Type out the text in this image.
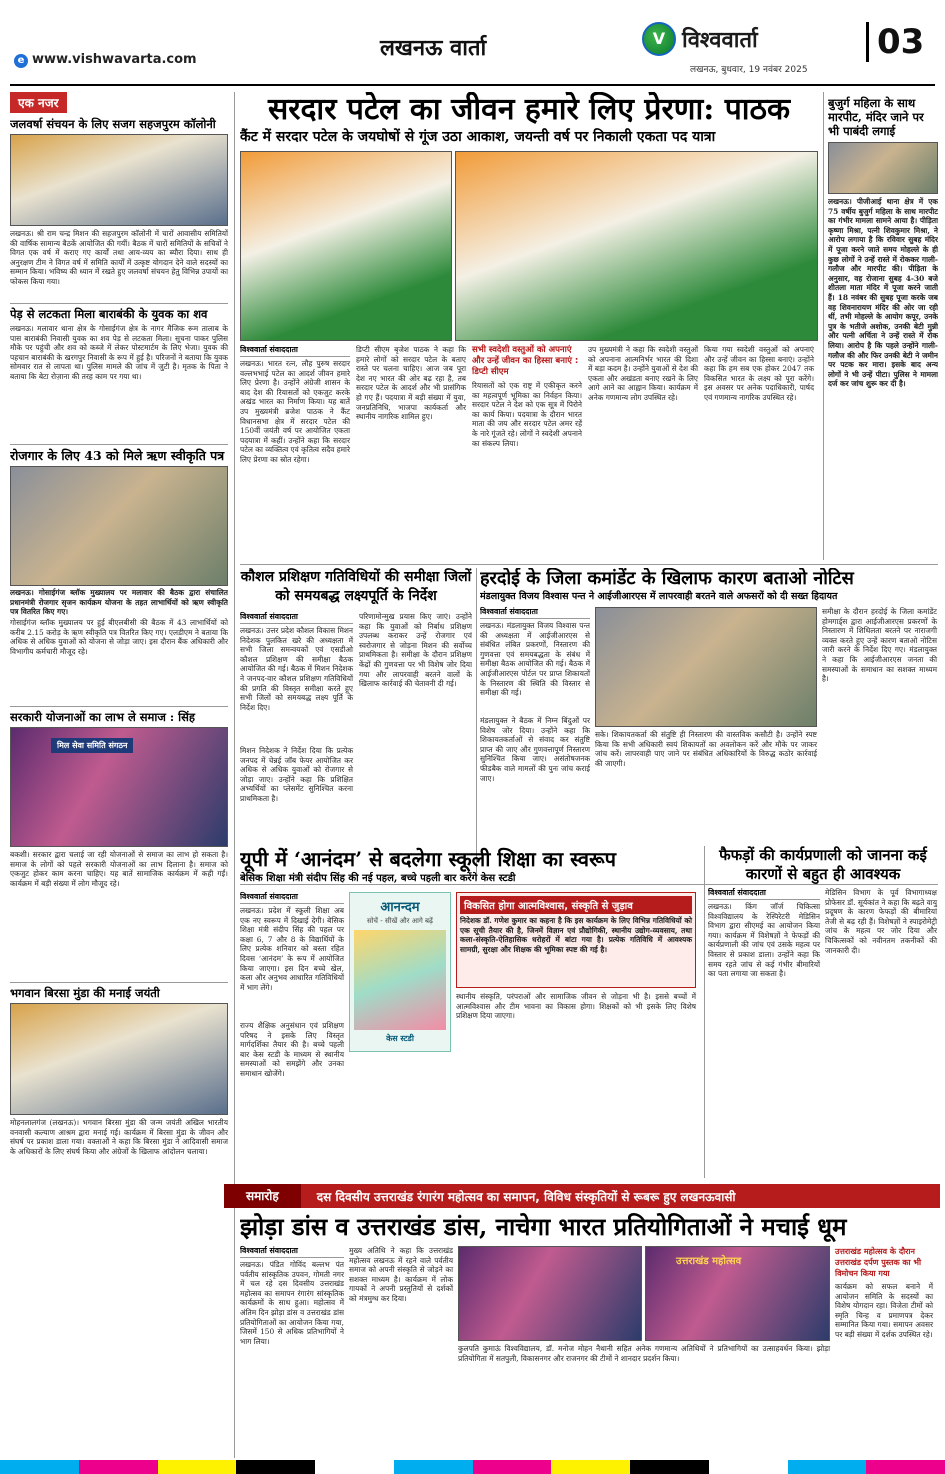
e www.vishwavarta.com	लखनऊ वार्ता	V विश्ववार्ता
लखनऊ, बुधवार, 19 नवंबर 2025
03
एक नजर
जलवर्षा संचयन के लिए सजग सहजपुरम कॉलोनी
लखनऊ। श्री राम चन्द्र मिशन की सहजपुरम कॉलोनी में चारों आवासीय समितियों की वार्षिक सामान्य बैठकें आयोजित की गयीं। बैठक में चारों समितियों के सचिवों ने विगत एक वर्ष में कराए गए कार्यों तथा आय-व्यय का ब्यौरा दिया। साथ ही अनुरक्षण टीम ने विगत वर्ष में समिति कार्यों में उत्कृष्ट योगदान देने वाले सदस्यों का सम्मान किया। भविष्य की ध्यान में रखते हुए जलवर्षा संचयन हेतु विभिन्न उपायों का फोकस किया गया।
पेड़ से लटकता मिला बाराबंकी के युवक का शव
लखनऊ। मलावार थाना क्षेत्र के गोसाईगंज क्षेत्र के नागर मैजिक रूम तालाब के पास बाराबंकी निवासी युवक का शव पेड़ से लटकता मिला। सूचना पाकर पुलिस मौके पर पहुंची और शव को कब्जे में लेकर पोस्टमार्टम के लिए भेजा। युवक की पहचान बाराबंकी के खरगपुर निवासी के रूप में हुई है। परिजनों ने बताया कि युवक सोमवार रात से लापता था। पुलिस मामले की जांच में जुटी है। मृतक के पिता ने बताया कि बेटा रोज़ाना की तरह काम पर गया था।
रोजगार के लिए 43 को मिले ऋण स्वीकृति पत्र
लखनऊ। गोसाईगंज ब्लॉक मुख्यालय पर मलावार की बैठक द्वारा संचालित प्रधानमंत्री रोजगार सृजन कार्यक्रम योजना के तहत लाभार्थियों को ऋण स्वीकृति पत्र वितरित किए गए।
गोसाईगंज ब्लॉक मुख्यालय पर हुई बीएलबीसी की बैठक में 43 लाभार्थियों को करीब 2.15 करोड़ के ऋण स्वीकृति पत्र वितरित किए गए। एलडीएम ने बताया कि अधिक से अधिक युवाओं को योजना से जोड़ा जाए। इस दौरान बैंक अधिकारी और विभागीय कर्मचारी मौजूद रहे।
सरकारी योजनाओं का लाभ ले समाज : सिंह
मिल सेवा समिति संगठन
बकशी। सरकार द्वारा चलाई जा रही योजनाओं से समाज का लाभ हो सकता है। समाज के लोगों को पहले सरकारी योजनाओं का लाभ दिलाना है। समाज को एकजुट होकर काम करना चाहिए। यह बातें सामाजिक कार्यक्रम में कही गईं। कार्यक्रम में बड़ी संख्या में लोग मौजूद रहे।
भगवान बिरसा मुंडा की मनाई जयंती
मोहनलालगंज (लखनऊ)। भगवान बिरसा मुंडा की जन्म जयंती अखिल भारतीय वनवासी कल्याण आश्रम द्वारा मनाई गई। कार्यक्रम में बिरसा मुंडा के जीवन और संघर्ष पर प्रकाश डाला गया। वक्ताओं ने कहा कि बिरसा मुंडा ने आदिवासी समाज के अधिकारों के लिए संघर्ष किया और अंग्रेजों के खिलाफ आंदोलन चलाया।
सरदार पटेल का जीवन हमारे लिए प्रेरणा: पाठक
कैंट में सरदार पटेल के जयघोषों से गूंज उठा आकाश, जयन्ती वर्ष पर निकाली एकता पद यात्रा
विश्ववार्ता संवाददाता
लखनऊ। भारत रत्न, लौह पुरुष सरदार वल्लभभाई पटेल का आदर्श जीवन हमारे लिए प्रेरणा है। उन्होंने अंग्रेजी शासन के बाद देश की रियासतों को एकजुट करके अखंड भारत का निर्माण किया। यह बातें उप मुख्यमंत्री ब्रजेश पाठक ने कैंट विधानसभा क्षेत्र में सरदार पटेल की 150वीं जयंती वर्ष पर आयोजित एकता पदयात्रा में कहीं। उन्होंने कहा कि सरदार पटेल का व्यक्तित्व एवं कृतित्व सदैव हमारे लिए प्रेरणा का स्रोत रहेगा।
डिप्टी सीएम बृजेश पाठक ने कहा कि हमारे लोगों को सरदार पटेल के बताए रास्ते पर चलना चाहिए। आज जब पूरा देश नए भारत की ओर बढ़ रहा है, तब सरदार पटेल के आदर्श और भी प्रासंगिक हो गए हैं। पदयात्रा में बड़ी संख्या में युवा, जनप्रतिनिधि, भाजपा कार्यकर्ता और स्थानीय नागरिक शामिल हुए।
सभी स्वदेशी वस्तुओं को अपनाएं और उन्हें जीवन का हिस्सा बनाएं : डिप्टी सीएम
रियासतों को एक राष्ट्र में एकीकृत करने का महत्वपूर्ण भूमिका का निर्वहन किया। सरदार पटेल ने देश को एक सूत्र में पिरोने का कार्य किया। पदयात्रा के दौरान भारत माता की जय और सरदार पटेल अमर रहें के नारे गूंजते रहे। लोगों ने स्वदेशी अपनाने का संकल्प लिया।
उप मुख्यमंत्री ने कहा कि स्वदेशी वस्तुओं को अपनाना आत्मनिर्भर भारत की दिशा में बड़ा कदम है। उन्होंने युवाओं से देश की एकता और अखंडता बनाए रखने के लिए आगे आने का आह्वान किया। कार्यक्रम में अनेक गणमान्य लोग उपस्थित रहे।
किया गया स्वदेशी वस्तुओं को अपनाएं और उन्हें जीवन का हिस्सा बनाएं। उन्होंने कहा कि हम सब एक होकर 2047 तक विकसित भारत के लक्ष्य को पूरा करेंगे। इस अवसर पर अनेक पदाधिकारी, पार्षद एवं गणमान्य नागरिक उपस्थित रहे।
बुजुर्ग महिला के साथ मारपीट, मंदिर जाने पर भी पाबंदी लगाई
लखनऊ। पीजीआई थाना क्षेत्र में एक 75 वर्षीय बुजुर्ग महिला के साथ मारपीट का गंभीर मामला सामने आया है। पीड़िता कृष्णा मिश्रा, पत्नी शिवकुमार मिश्रा, ने आरोप लगाया है कि रविवार सुबह मंदिर में पूजा करने जाते समय मोहल्ले के ही कुछ लोगों ने उन्हें रास्ते में रोककर गाली-गलौज और मारपीट की। पीड़िता के अनुसार, वह रोजाना सुबह 4-30 बजे शीतला माता मंदिर में पूजा करने जाती हैं। 18 नवंबर की सुबह पूजा करके जब वह शिवनारायण मंदिर की ओर जा रही थीं, तभी मोहल्ले के आयोग कपूर, उनके पुत्र के भतीजे अशोक, उनकी बेटी मुन्नी और पत्नी अर्चिता ने उन्हें रास्ते में रोक लिया। आरोप है कि पहले उन्होंने गाली-गलौज की और फिर उनकी बेटी ने जमीन पर पटक कर मारा। इसके बाद अन्य लोगों ने भी उन्हें पीटा। पुलिस ने मामला दर्ज कर जांच शुरू कर दी है।
कौशल प्रशिक्षण गतिविधियों की समीक्षा जिलों को समयबद्ध लक्ष्यपूर्ति के निर्देश
विश्ववार्ता संवाददाता
लखनऊ। उत्तर प्रदेश कौशल विकास मिशन निदेशक पुलकित खरे की अध्यक्षता में सभी जिला समन्वयकों एवं एसडीओ कौशल प्रशिक्षण की समीक्षा बैठक आयोजित की गई। बैठक में मिशन निदेशक ने जनपद-वार कौशल प्रशिक्षण गतिविधियों की प्रगति की विस्तृत समीक्षा करते हुए सभी जिलों को समयबद्ध लक्ष्य पूर्ति के निर्देश दिए।
मिशन निदेशक ने निर्देश दिया कि प्रत्येक जनपद में चेन्नई जॉब फेयर आयोजित कर अधिक से अधिक युवाओं को रोजगार से जोड़ा जाए। उन्होंने कहा कि प्रशिक्षित अभ्यर्थियों का प्लेसमेंट सुनिश्चित करना प्राथमिकता है।
परिणामोन्मुख प्रयास किए जाएं। उन्होंने कहा कि युवाओं को निर्बाध प्रशिक्षण उपलब्ध कराकर उन्हें रोजगार एवं स्वरोजगार से जोड़ना मिशन की सर्वोच्च प्राथमिकता है। समीक्षा के दौरान प्रशिक्षण केंद्रों की गुणवत्ता पर भी विशेष जोर दिया गया और लापरवाही बरतने वालों के खिलाफ कार्रवाई की चेतावनी दी गई।
हरदोई के जिला कमांडेंट के खिलाफ कारण बताओ नोटिस
मंडलायुक्त विजय विश्वास पन्त ने आईजीआरएस में लापरवाही बरतने वाले अफसरों को दी सख्त हिदायत
विश्ववार्ता संवाददाता
लखनऊ। मंडलायुक्त विजय विश्वास पन्त की अध्यक्षता में आईजीआरएस से संबंधित लंबित प्रकरणों, निस्तारण की गुणवत्ता एवं समयबद्धता के संबंध में समीक्षा बैठक आयोजित की गई। बैठक में आईजीआरएस पोर्टल पर प्राप्त शिकायतों के निस्तारण की स्थिति की विस्तार से समीक्षा की गई।
मंडलायुक्त ने बैठक में निम्न बिंदुओं पर विशेष जोर दिया। उन्होंने कहा कि शिकायतकर्ताओं से संवाद कर संतुष्टि प्राप्त की जाए और गुणवत्तापूर्ण निस्तारण सुनिश्चित किया जाए। असंतोषजनक फीडबैक वाले मामलों की पुनः जांच कराई जाए।
सके। शिकायतकर्ता की संतुष्टि ही निस्तारण की वास्तविक कसौटी है। उन्होंने स्पष्ट किया कि सभी अधिकारी स्वयं शिकायतों का अवलोकन करें और मौके पर जाकर जांच करें। लापरवाही पाए जाने पर संबंधित अधिकारियों के विरुद्ध कठोर कार्रवाई की जाएगी।
समीक्षा के दौरान हरदोई के जिला कमांडेंट होमगार्ड्स द्वारा आईजीआरएस प्रकरणों के निस्तारण में शिथिलता बरतने पर नाराजगी व्यक्त करते हुए उन्हें कारण बताओ नोटिस जारी करने के निर्देश दिए गए। मंडलायुक्त ने कहा कि आईजीआरएस जनता की समस्याओं के समाधान का सशक्त माध्यम है।
यूपी में ‘आनंदम’ से बदलेगा स्कूली शिक्षा का स्वरूप
बेसिक शिक्षा मंत्री संदीप सिंह की नई पहल, बच्चे पहली बार करेंगे केस स्टडी
विश्ववार्ता संवाददाता
लखनऊ। प्रदेश में स्कूली शिक्षा अब एक नए स्वरूप में दिखाई देगी। बेसिक शिक्षा मंत्री संदीप सिंह की पहल पर कक्षा 6, 7 और 8 के विद्यार्थियों के लिए प्रत्येक शनिवार को बस्ता रहित दिवस ‘आनंदम’ के रूप में आयोजित किया जाएगा। इस दिन बच्चे खेल, कला और अनुभव आधारित गतिविधियों में भाग लेंगे।
राज्य शैक्षिक अनुसंधान एवं प्रशिक्षण परिषद ने इसके लिए विस्तृत मार्गदर्शिका तैयार की है। बच्चे पहली बार केस स्टडी के माध्यम से स्थानीय समस्याओं को समझेंगे और उनका समाधान खोजेंगे।
आनन्दम
सोचें - सीखें और आगे बढ़ें
केस स्टडी
विकसित होगा आत्मविश्वास, संस्कृति से जुड़ाव
निदेशक डॉ. गणेश कुमार का कहना है कि इस कार्यक्रम के लिए विभिन्न गतिविधियों को एक सूची तैयार की है, जिनमें विज्ञान एवं प्रौद्योगिकी, स्थानीय उद्योग-व्यवसाय, तथा कला-संस्कृति-ऐतिहासिक धरोहरों में बांटा गया है। प्रत्येक गतिविधि में आवश्यक सामग्री, सुरक्षा और शिक्षक की भूमिका स्पष्ट की गई है।
स्थानीय संस्कृति, परंपराओं और सामाजिक जीवन से जोड़ना भी है। इससे बच्चों में आत्मविश्वास और टीम भावना का विकास होगा। शिक्षकों को भी इसके लिए विशेष प्रशिक्षण दिया जाएगा।
फैफड़ों की कार्यप्रणाली को जानना कई कारणों से बहुत ही आवश्यक
विश्ववार्ता संवाददाता
लखनऊ। किंग जॉर्ज चिकित्सा विश्वविद्यालय के रेस्पिरेटरी मेडिसिन विभाग द्वारा सीएमई का आयोजन किया गया। कार्यक्रम में विशेषज्ञों ने फेफड़ों की कार्यप्रणाली की जांच एवं उसके महत्व पर विस्तार से प्रकाश डाला। उन्होंने कहा कि समय रहते जांच से कई गंभीर बीमारियों का पता लगाया जा सकता है।
मेडिसिन विभाग के पूर्व विभागाध्यक्ष प्रोफेसर डॉ. सूर्यकांत ने कहा कि बढ़ते वायु प्रदूषण के कारण फेफड़ों की बीमारियां तेजी से बढ़ रही हैं। विशेषज्ञों ने स्पाइरोमेट्री जांच के महत्व पर जोर दिया और चिकित्सकों को नवीनतम तकनीकों की जानकारी दी।
समारोह	दस दिवसीय उत्तराखंड रंगारंग महोत्सव का समापन, विविध संस्कृतियों से रूबरू हुए लखनऊवासी
झोड़ा डांस व उत्तराखंड डांस, नाचेगा भारत प्रतियोगिताओं ने मचाई धूम
विश्ववार्ता संवाददाता
लखनऊ। पंडित गोविंद बल्लभ पंत पर्वतीय सांस्कृतिक उपवन, गोमती नगर में चल रहे दस दिवसीय उत्तराखंड महोत्सव का समापन रंगारंग सांस्कृतिक कार्यक्रमों के साथ हुआ। महोत्सव में अंतिम दिन झोड़ा डांस व उत्तराखंड डांस प्रतियोगिताओं का आयोजन किया गया, जिसमें 150 से अधिक प्रतिभागियों ने भाग लिया।
मुख्य अतिथि ने कहा कि उत्तराखंड महोत्सव लखनऊ में रहने वाले पर्वतीय समाज को अपनी संस्कृति से जोड़ने का सशक्त माध्यम है। कार्यक्रम में लोक गायकों ने अपनी प्रस्तुतियों से दर्शकों को मंत्रमुग्ध कर दिया।
उत्तराखंड महोत्सव
कुलपति कुमाऊं विश्वविद्यालय, डॉ. मनोज मोहन नैथानी सहित अनेक गणमान्य अतिथियों ने प्रतिभागियों का उत्साहवर्धन किया। झोड़ा प्रतियोगिता में सतपुली, विकासनगर और राजनगर की टीमों ने शानदार प्रदर्शन किया।
उत्तराखंड महोत्सव के दौरान उत्तराखंड दर्पण पुस्तक का भी विमोचन किया गया
कार्यक्रम को सफल बनाने में आयोजन समिति के सदस्यों का विशेष योगदान रहा। विजेता टीमों को स्मृति चिन्ह व प्रमाणपत्र देकर सम्मानित किया गया। समापन अवसर पर बड़ी संख्या में दर्शक उपस्थित रहे।
